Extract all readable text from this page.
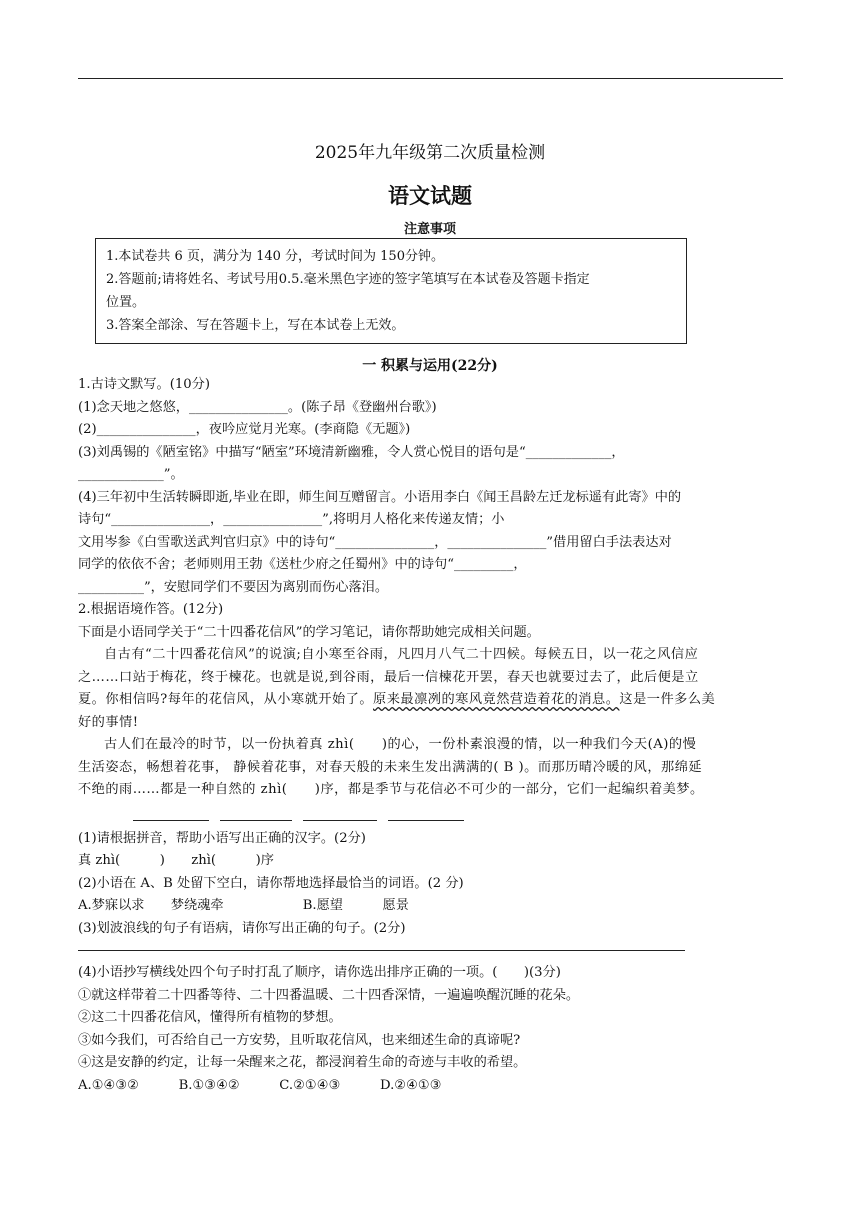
2025年九年级第二次质量检测
语文试题
注意事项

1.本试卷共 6 页，满分为 140 分，考试时间为 150分钟。

2.答题前;请将姓名、考试号用0.5.毫米黑色字迹的签字笔填写在本试卷及答题卡指定

位置。

3.答案全部涂、写在答题卡上，写在本试卷上无效。

一 积累与运用(22分)
1.古诗文默写。(10分)
(1)念天地之悠悠，_______________。(陈子昂《登幽州台歌》)
(2)_______________，夜吟应觉月光寒。(李商隐《无题》)
(3)刘禹锡的《陋室铭》中描写“陋室”环境清新幽雅，令人赏心悦目的语句是“_____________，
_____________”。
(4)三年初中生活转瞬即逝,毕业在即，师生间互赠留言。小语用李白《闻王昌龄左迁龙标遥有此寄》中的
诗句“_______________，_______________”,将明月人格化来传递友情；小
文用岑参《白雪歌送武判官归京》中的诗句“_______________，_______________”借用留白手法表达对
同学的依依不舍；老师则用王勃《送杜少府之任蜀州》中的诗句“_________，
__________”，安慰同学们不要因为离别而伤心落泪。
2.根据语境作答。(12分)
下面是小语同学关于“二十四番花信风”的学习笔记，请你帮助她完成相关问题。
自古有“二十四番花信风”的说演;自小寒至谷雨，凡四月八气二十四候。每候五日，以一花之风信应
之……口站于梅花，终于楝花。也就是说,到谷雨，最后一信楝花开罢，春天也就要过去了，此后便是立
夏。你相信吗?每年的花信风，从小寒就开始了。原来最凛冽的寒风竟然营造着花的消息。这是一件多么美
好的事情!
古人们在最冷的时节，以一份执着真 zhì(　　)的心，一份朴素浪漫的情，以一种我们今天(A)的慢
生活姿态，畅想着花事， 静候着花事，对春天般的未来生发出满满的( B )。而那历晴冷暖的风，那绵延
不绝的雨……都是一种自然的 zhì(　　)序，都是季节与花信必不可少的一部分，它们一起编织着美梦。
(1)请根据拼音，帮助小语写出正确的汉字。(2分)
真 zhì(　　　)　　zhì(　　　)序
(2)小语在 A、B 处留下空白，请你帮地选择最恰当的词语。(2 分)
A.梦寐以求　　梦绕魂牵　　　　　　B.愿望　　　愿景
(3)划波浪线的句子有语病，请你写出正确的句子。(2分)
(4)小语抄写横线处四个句子时打乱了顺序，请你选出排序正确的一项。(　　)(3分)
①就这样带着二十四番等待、二十四番温暖、二十四香深情，一遍遍唤醒沉睡的花朵。
②这二十四番花信风，懂得所有植物的梦想。
③如今我们，可否给自己一方安势，且听取花信风，也来细述生命的真谛呢?
④这是安静的约定，让每一朵醒来之花，都浸润着生命的奇迹与丰收的希望。
A.①④③②　　　B.①③④②　　　C.②①④③　　　D.②④①③
